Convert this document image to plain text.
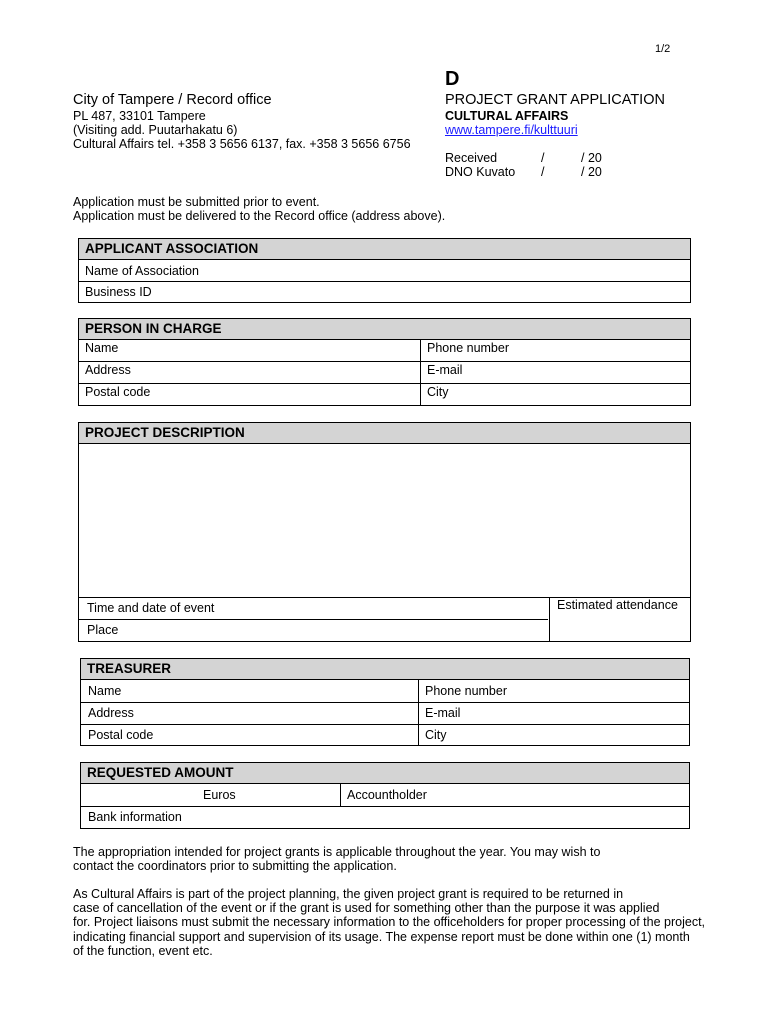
1/2
D
City of Tampere / Record office
PL 487, 33101 Tampere
(Visiting add. Puutarhakatu 6)
Cultural Affairs tel. +358 3 5656 6137, fax. +358 3 5656 6756
PROJECT GRANT APPLICATION
CULTURAL AFFAIRS
www.tampere.fi/kulttuuri
Received	/	/ 20
DNO Kuvato /	/ 20
Application must be submitted prior to event.
Application must be delivered to the Record office (address above).
APPLICANT ASSOCIATION
Name of Association
Business ID
PERSON IN CHARGE
Name	Phone number
Address	E-mail
Postal code	City
PROJECT DESCRIPTION
Time and date of event
Place
Estimated attendance
TREASURER
Name	Phone number
Address	E-mail
Postal code	City
REQUESTED AMOUNT
Euros	Accountholder
Bank information

The appropriation intended for project grants is applicable throughout the year. You may wish to

contact the coordinators prior to submitting the application.

As Cultural Affairs is part of the project planning, the given project grant is required to be returned in

case of cancellation of the event or if the grant is used for something other than the purpose it was applied

for. Project liaisons must submit the necessary information to the officeholders for proper processing of the project,

indicating financial support and supervision of its usage. The expense report must be done within one (1) month

of the function, event etc.
